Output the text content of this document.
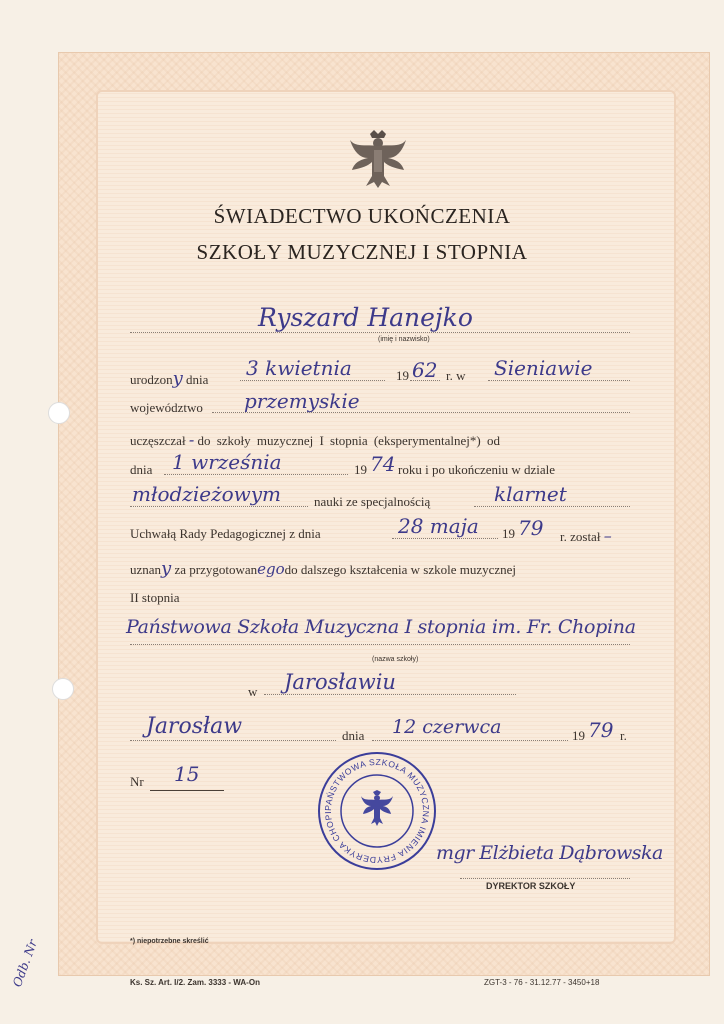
ŚWIADECTWO UKOŃCZENIA
SZKOŁY MUZYCZNEJ I STOPNIA
Ryszard Hanejko
(imię i nazwisko)
urodzony dnia 3 kwietnia	19 62 r. w Sieniawie
województwo przemyskie
uczęszczał - do szkoły muzycznej I stopnia (eksperymentalnej*) od
dnia 1 września	19 74 roku i po ukończeniu w dziale
młodzieżowym	nauki ze specjalnością	klarnet
Uchwałą Rady Pedagogicznej z dnia	28 maja 19 79 r. został –
uznany za przygotowanegodo dalszego kształcenia w szkole muzycznej
II stopnia
Państwowa Szkoła Muzyczna I stopnia im. Fr. Chopina
(nazwa szkoły)
w Jarosławiu
Jarosław	dnia 12 czerwca	19 79 r.
Nr 15
PAŃSTWOWA SZKOŁA MUZYCZNA IMIENIA FRYDERYKA CHOPI
mgr Elżbieta Dąbrowska
DYREKTOR SZKOŁY
*) niepotrzebne skreślić
Ks. Sz. Art. I/2. Zam. 3333 - WA-On	ZGT-3 - 76 - 31.12.77 - 3450+18
Odb. Nr
